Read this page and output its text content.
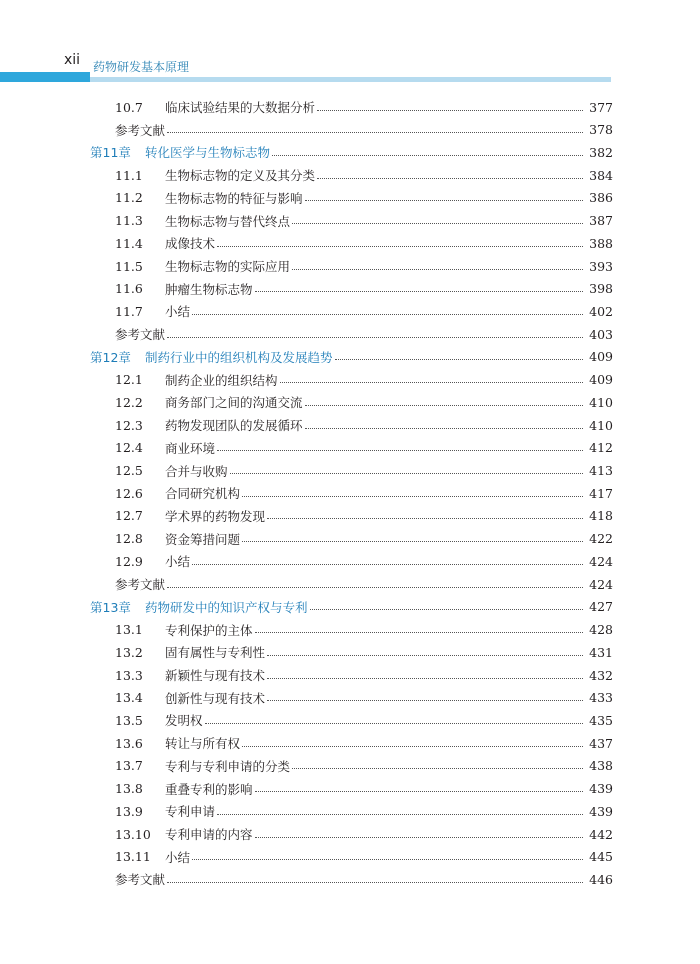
xii 药物研发基本原理
10.7	临床试验结果的大数据分析	377
参考文献	378
第11章	转化医学与生物标志物	382
11.1	生物标志物的定义及其分类	384
11.2	生物标志物的特征与影响	386
11.3	生物标志物与替代终点	387
11.4	成像技术	388
11.5	生物标志物的实际应用	393
11.6	肿瘤生物标志物	398
11.7	小结	402
参考文献	403
第12章	制药行业中的组织机构及发展趋势	409
12.1	制药企业的组织结构	409
12.2	商务部门之间的沟通交流	410
12.3	药物发现团队的发展循环	410
12.4	商业环境	412
12.5	合并与收购	413
12.6	合同研究机构	417
12.7	学术界的药物发现	418
12.8	资金筹措问题	422
12.9	小结	424
参考文献	424
第13章	药物研发中的知识产权与专利	427
13.1	专利保护的主体	428
13.2	固有属性与专利性	431
13.3	新颖性与现有技术	432
13.4	创新性与现有技术	433
13.5	发明权	435
13.6	转让与所有权	437
13.7	专利与专利申请的分类	438
13.8	重叠专利的影响	439
13.9	专利申请	439
13.10	专利申请的内容	442
13.11	小结	445
参考文献	446
